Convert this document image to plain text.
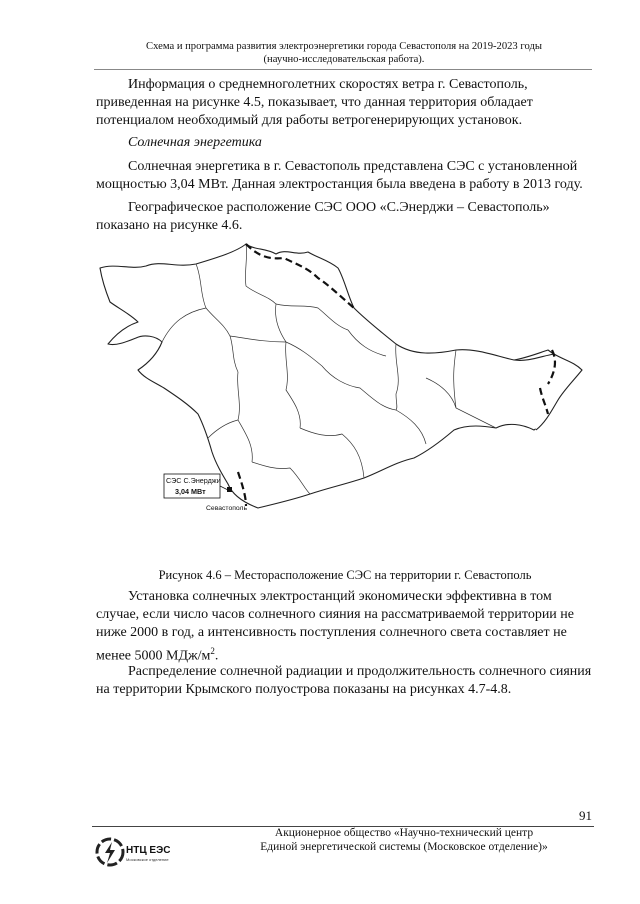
Схема и программа развития электроэнергетики города Севастополя на 2019-2023 годы
(научно-исследовательская работа).

Информация о среднемноголетних скоростях ветра г. Севастополь,
приведенная на рисунке 4.5, показывает, что данная территория обладает
потенциалом необходимый для работы ветрогенерирующих установок.

Солнечная энергетика

Солнечная энергетика в г. Севастополь представлена СЭС с установленной
мощностью 3,04 МВт. Данная электростанция была введена в работу в 2013 году.

Географическое расположение СЭС ООО «С.Энерджи – Севастополь»
показано на рисунке 4.6.

СЭС С.Энерджи
3,04 МВт
Севастополь
Рисунок 4.6 – Месторасположение СЭС на территории г. Севастополь

Установка солнечных электростанций экономически эффективна в том
случае, если число часов солнечного сияния на рассматриваемой территории не
ниже 2000 в год, а интенсивность поступления солнечного света составляет не
менее 5000 МДж/$м^2$.

Распределение солнечной радиации и продолжительность солнечного сияния
на территории Крымского полуострова показаны на рисунках 4.7-4.8.

91
НТЦ ЕЭС
Московское отделение
Акционерное общество «Научно-технический центр
Единой энергетической системы (Московское отделение)»
